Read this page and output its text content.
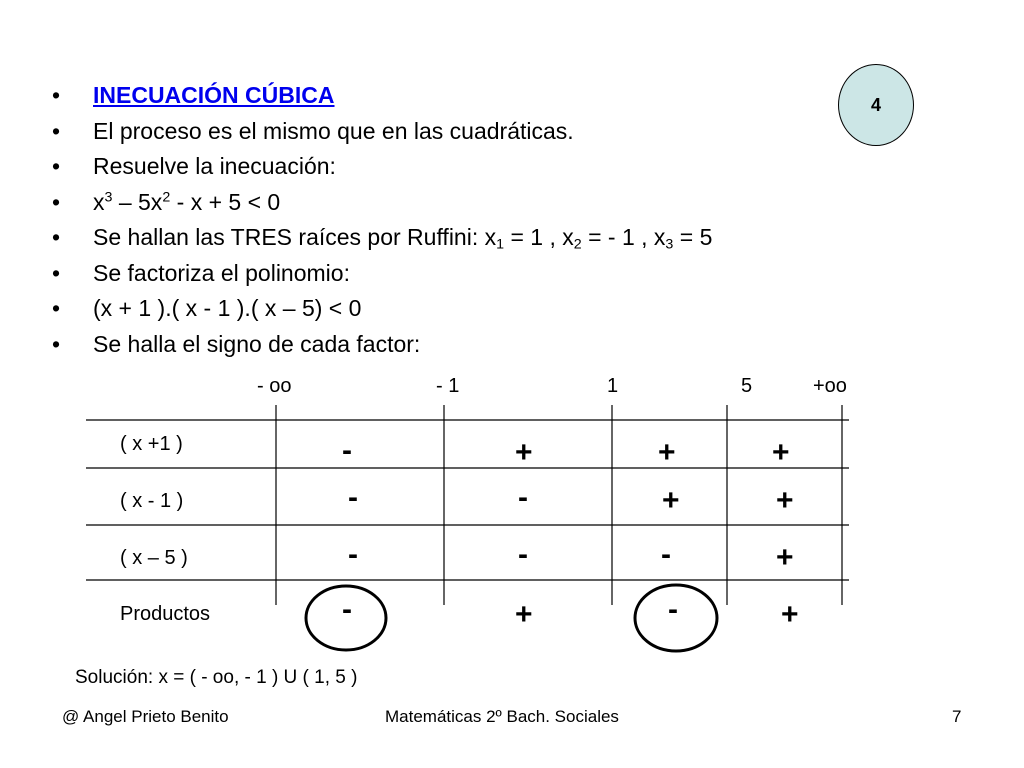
4
•	INECUACIÓN CÚBICA
•	El proceso es el mismo que en las cuadráticas.
•	Resuelve la inecuación:
•	$x^3 - 5x^2 - x + 5 < 0$
•	Se hallan las TRES raíces por Ruffini: $x_1 = 1$ , $x_2$ = - 1 , $x_3 = 5$
•	Se factoriza el polinomio:
•	(x + 1 ).( x - 1 ).( x – 5) < 0
•	Se halla el signo de cada factor:
- oo	- 1	1	5	+oo
( x +1 )	-	+	+	+
( x - 1 )	-	-	+	+
( x – 5 )	-	-	-	+
Productos	-	+	-	+
Solución: x = ( - oo, - 1 ) U ( 1, 5 )
@ Angel Prieto Benito	Matemáticas 2º Bach. Sociales	7
